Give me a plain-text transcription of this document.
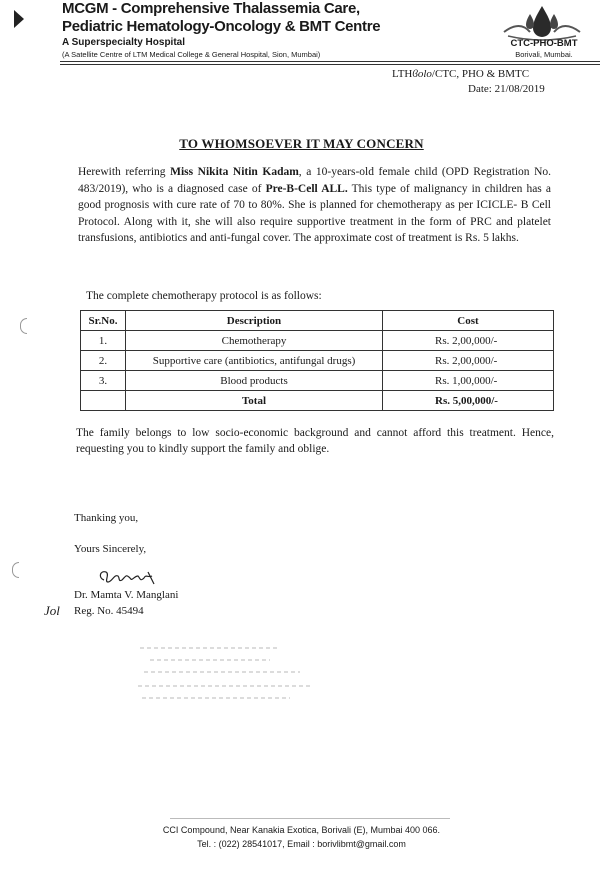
MCGM - Comprehensive Thalassemia Care,
Pediatric Hematology-Oncology & BMT Centre
A Superspecialty Hospital
(A Satellite Centre of LTM Medical College & General Hospital, Sion, Mumbai)
CTC-PHO-BMT
Borivali, Mumbai.
LTHϐοlο/CTC, PHO & BMTC
Date: 21/08/2019
TO WHOMSOEVER IT MAY CONCERN
Herewith referring Miss Nikita Nitin Kadam, a 10-years-old female child (OPD Registration No. 483/2019), who is a diagnosed case of Pre-B-Cell ALL. This type of malignancy in children has a good prognosis with cure rate of 70 to 80%. She is planned for chemotherapy as per ICICLE- B Cell Protocol. Along with it, she will also require supportive treatment in the form of PRC and platelet transfusions, antibiotics and anti-fungal cover. The approximate cost of treatment is Rs. 5 lakhs.
The complete chemotherapy protocol is as follows:
Sr.No.	Description	Cost
1.	Chemotherapy	Rs. 2,00,000/-
2.	Supportive care (antibiotics, antifungal drugs)	Rs. 2,00,000/-
3.	Blood products	Rs. 1,00,000/-
	Total	Rs. 5,00,000/-
The family belongs to low socio-economic background and cannot afford this treatment. Hence, requesting you to kindly support the family and oblige.
Thanking you,
Yours Sincerely,
Dr. Mamta V. Manglani
Jol Reg. No. 45494
CCI Compound, Near Kanakia Exotica, Borivali (E), Mumbai 400 066.
Tel. : (022) 28541017, Email : borivlibmt@gmail.com
